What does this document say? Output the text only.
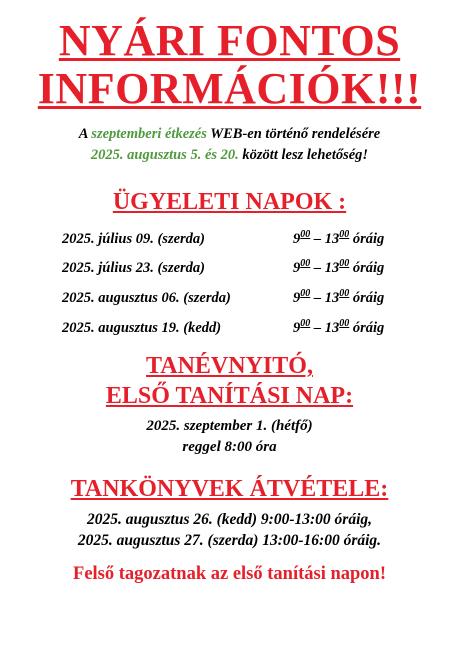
NYÁRI FONTOS
INFORMÁCIÓK!!!
A szeptemberi étkezés WEB-en történő rendelésére
2025. augusztus 5. és 20. között lesz lehetőség!
ÜGYELETI NAPOK :
2025. július 09. (szerda)	$9^{00} - 13^{00}$ óráig
2025. július 23. (szerda)	$9^{00} - 13^{00}$ óráig
2025. augusztus 06. (szerda)	$9^{00} - 13^{00}$ óráig
2025. augusztus 19. (kedd)	$9^{00} - 13^{00}$ óráig
TANÉVNYITÓ,
ELSŐ TANÍTÁSI NAP:
2025. szeptember 1. (hétfő)
reggel 8:00 óra
TANKÖNYVEK ÁTVÉTELE:
2025. augusztus 26. (kedd) 9:00-13:00 óráig,
2025. augusztus 27. (szerda) 13:00-16:00 óráig.
Felső tagozatnak az első tanítási napon!
